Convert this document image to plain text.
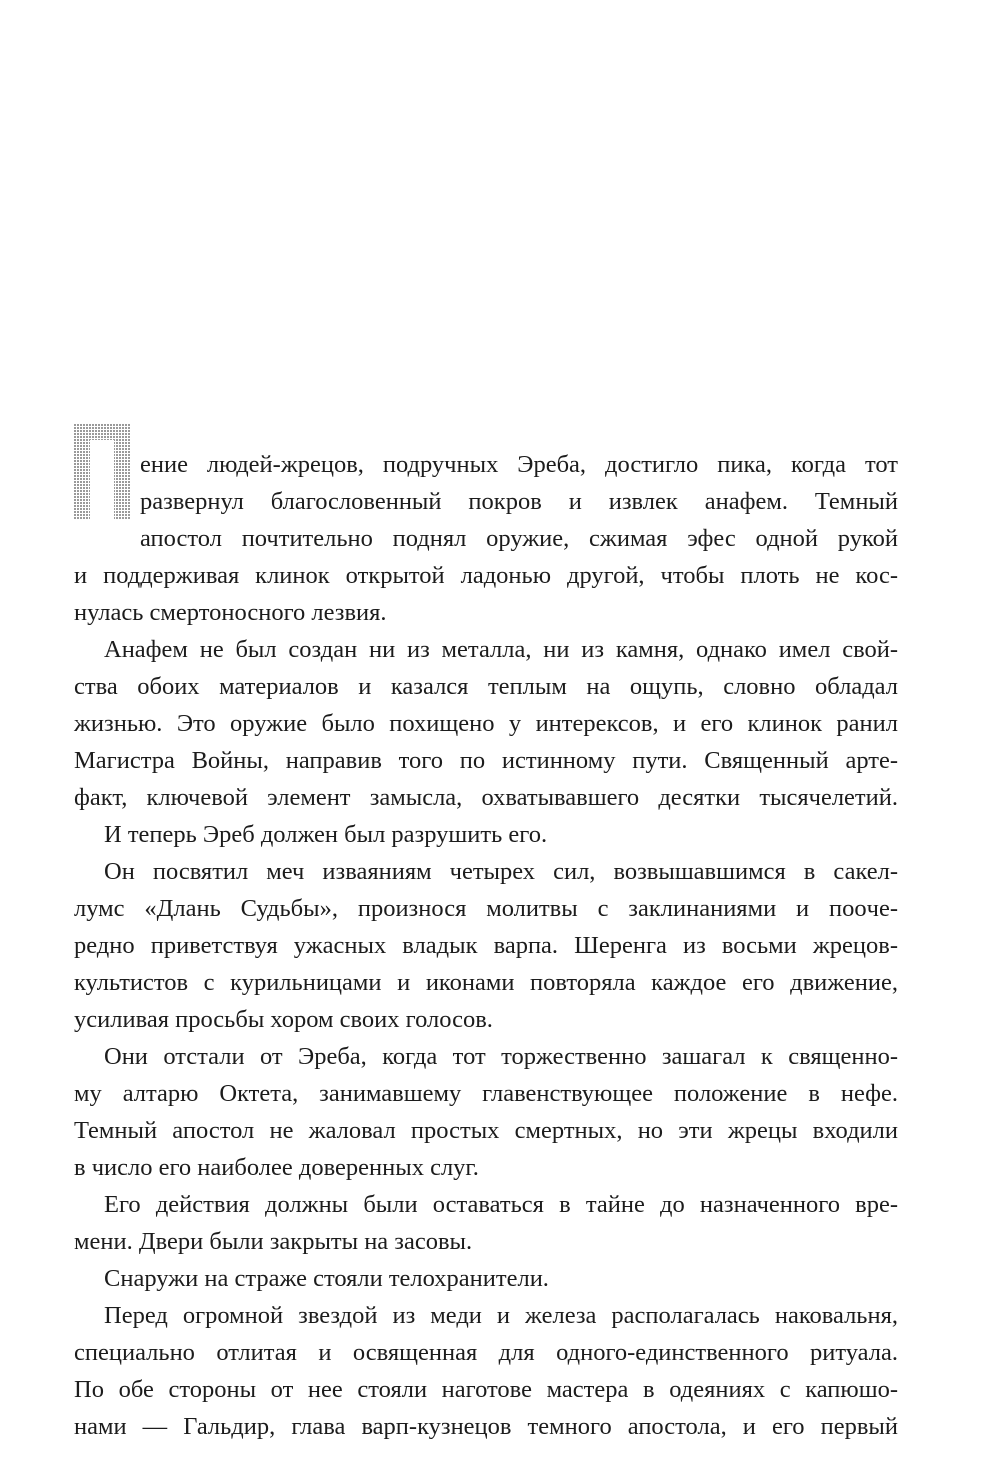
ение людей-жрецов, подручных Эреба, достигло пика, когда тот
развернул благословенный покров и извлек анафем. Темный
апостол почтительно поднял оружие, сжимая эфес одной рукой
и поддерживая клинок открытой ладонью другой, чтобы плоть не кос-
нулась смертоносного лезвия.
Анафем не был создан ни из металла, ни из камня, однако имел свой-
ства обоих материалов и казался теплым на ощупь, словно обладал
жизнью. Это оружие было похищено у интерексов, и его клинок ранил
Магистра Войны, направив того по истинному пути. Священный арте-
факт, ключевой элемент замысла, охватывавшего десятки тысячелетий.
И теперь Эреб должен был разрушить его.
Он посвятил меч изваяниям четырех сил, возвышавшимся в сакел-
лумс «Длань Судьбы», произнося молитвы с заклинаниями и поoче-
редно приветствуя ужасных владык варпа. Шеренга из восьми жрецов-
культистов с курильницами и иконами повторяла каждое его движение,
усиливая просьбы хором своих голосов.
Они отстали от Эреба, когда тот торжественно зашагал к священно-
му алтарю Октета, занимавшему главенствующее положение в нефе.
Темный апостол не жаловал простых смертных, но эти жрецы входили
в число его наиболее доверенных слуг.
Его действия должны были оставаться в тайне до назначенного вре-
мени. Двери были закрыты на засовы.
Снаружи на страже стояли телохранители.
Перед огромной звездой из меди и железа располагалась наковальня,
специально отлитая и освященная для одного-единственного ритуала.
По обе стороны от нее стояли наготове мастера в одеяниях с капюшо-
нами — Гальдир, глава варп-кузнецов темного апостола, и его первый
